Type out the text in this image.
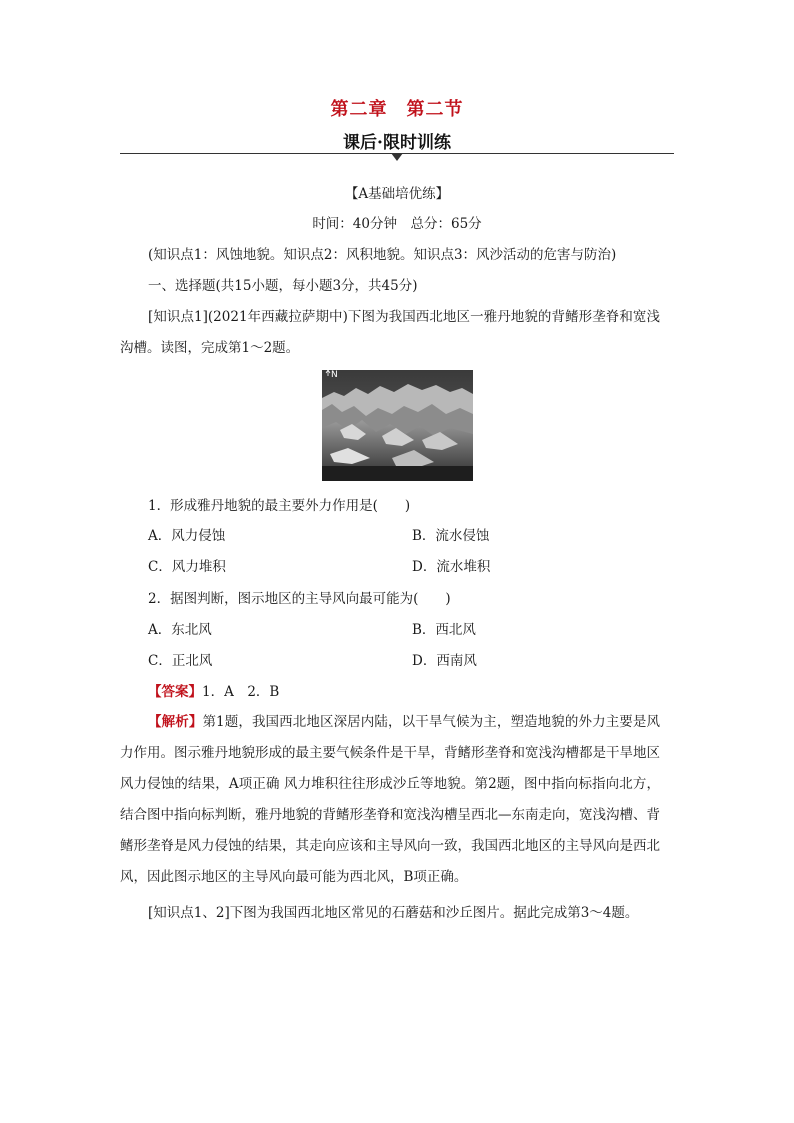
第二章　第二节
课后·限时训练
【A基础培优练】
时间：40分钟　总分：65分
(知识点1：风蚀地貌。知识点2：风积地貌。知识点3：风沙活动的危害与防治)
一、选择题(共15小题，每小题3分，共45分)
[知识点1](2021年西藏拉萨期中)下图为我国西北地区一雅丹地貌的背鳍形垄脊和宽浅沟槽。读图，完成第1～2题。
N
1．形成雅丹地貌的最主要外力作用是(　　)
A．风力侵蚀	B．流水侵蚀
C．风力堆积	D．流水堆积
2．据图判断，图示地区的主导风向最可能为(　　)
A．东北风	B．西北风
C．正北风	D．西南风
【答案】1．A　2．B
【解析】第1题，我国西北地区深居内陆，以干旱气候为主，塑造地貌的外力主要是风力作用。图示雅丹地貌形成的最主要气候条件是干旱，背鳍形垄脊和宽浅沟槽都是干旱地区风力侵蚀的结果，A项正确 风力堆积往往形成沙丘等地貌。第2题，图中指向标指向北方，结合图中指向标判断，雅丹地貌的背鳍形垄脊和宽浅沟槽呈西北—东南走向，宽浅沟槽、背鳍形垄脊是风力侵蚀的结果，其走向应该和主导风向一致，我国西北地区的主导风向是西北风，因此图示地区的主导风向最可能为西北风，B项正确。
[知识点1、2]下图为我国西北地区常见的石蘑菇和沙丘图片。据此完成第3～4题。
